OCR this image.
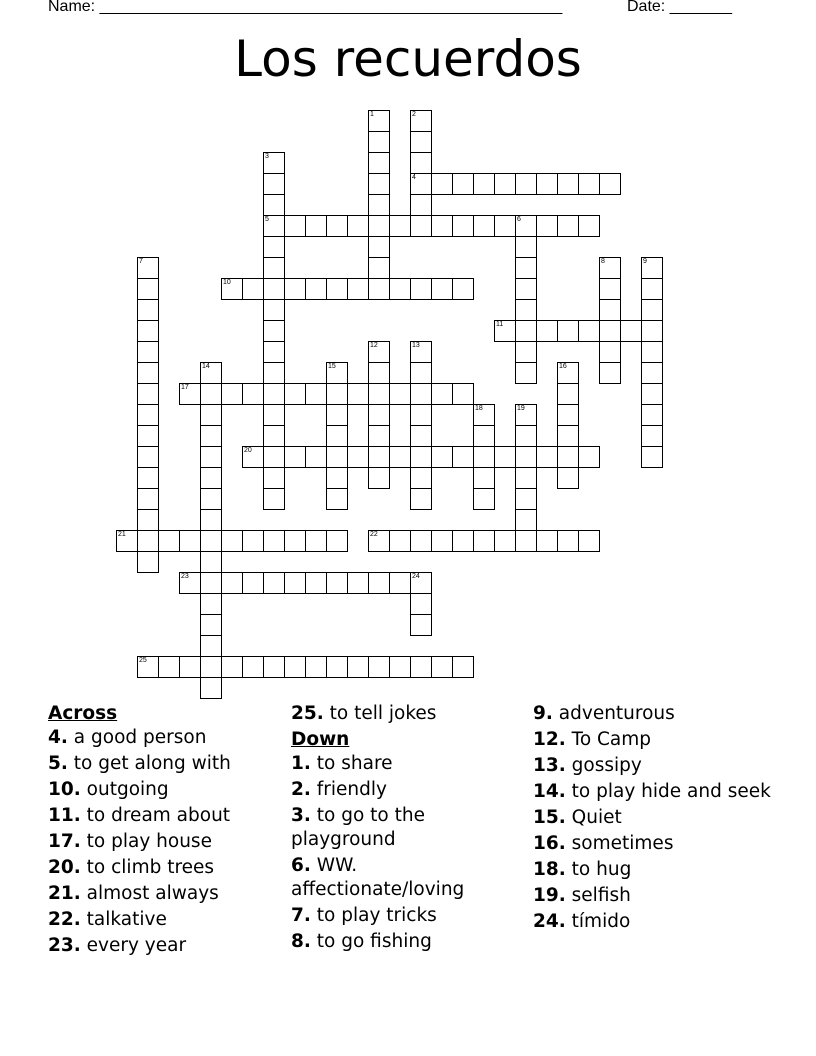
Name: ____________________________________________________	Date: _______
Los recuerdos
1	2
4
3
5	6
7	8	9
10
11
12	13
14	15	16
17
18	19
20
21	22
23	24
25
Across
4. a good person
5. to get along with
10. outgoing
11. to dream about
17. to play house
20. to climb trees
21. almost always
22. talkative
23. every year
25. to tell jokes
Down
1. to share
2. friendly
3. to go to the playground
6. WW. affectionate/loving
7. to play tricks
8. to go fishing
9. adventurous
12. To Camp
13. gossipy
14. to play hide and seek
15. Quiet
16. sometimes
18. to hug
19. selfish
24. tímido
